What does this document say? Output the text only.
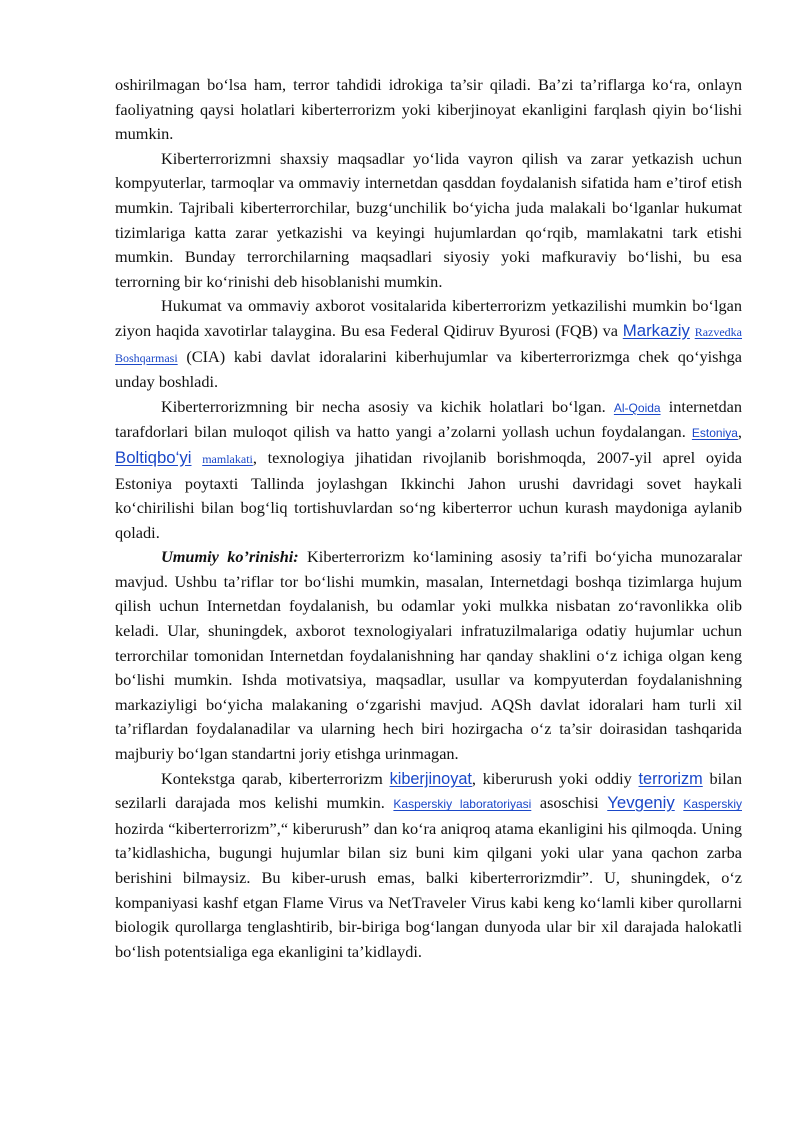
oshirilmagan bo‘lsa ham, terror tahdidi idrokiga ta’sir qiladi. Ba’zi ta’riflarga ko‘ra, onlayn faoliyatning qaysi holatlari kiberterrorizm yoki kiberjinoyat ekanligini farqlash qiyin bo‘lishi mumkin.

Kiberterrorizmni shaxsiy maqsadlar yo‘lida vayron qilish va zarar yetkazish uchun kompyuterlar, tarmoqlar va ommaviy internetdan qasddan foydalanish sifatida ham e’tirof etish mumkin. Tajribali kiberterrorchilar, buzg‘unchilik bo‘yicha juda malakali bo‘lganlar hukumat tizimlariga katta zarar yetkazishi va keyingi hujumlardan qo‘rqib, mamlakatni tark etishi mumkin. Bunday terrorchilarning maqsadlari siyosiy yoki mafkuraviy bo‘lishi, bu esa terrorning bir ko‘rinishi deb hisoblanishi mumkin.

Hukumat va ommaviy axborot vositalarida kiberterrorizm yetkazilishi mumkin bo‘lgan ziyon haqida xavotirlar talaygina. Bu esa Federal Qidiruv Byurosi (FQB) va Markaziy Razvedka Boshqarmasi (CIA) kabi davlat idoralarini kiberhujumlar va kiberterrorizmga chek qo‘yishga unday boshladi.

Kiberterrorizmning bir necha asosiy va kichik holatlari bo‘lgan. Al-Qoida internetdan tarafdorlari bilan muloqot qilish va hatto yangi a’zolarni yollash uchun foydalangan. Estoniya, Boltiqbo‘yi mamlakati, texnologiya jihatidan rivojlanib borishmoqda, 2007-yil aprel oyida Estoniya poytaxti Tallinda joylashgan Ikkinchi Jahon urushi davridagi sovet haykali ko‘chirilishi bilan bog‘liq tortishuvlardan so‘ng kiberterror uchun kurash maydoniga aylanib qoladi.

Umumiy ko’rinishi: Kiberterrorizm ko‘lamining asosiy ta’rifi bo‘yicha munozaralar mavjud. Ushbu ta’riflar tor bo‘lishi mumkin, masalan, Internetdagi boshqa tizimlarga hujum qilish uchun Internetdan foydalanish, bu odamlar yoki mulkka nisbatan zo‘ravonlikka olib keladi. Ular, shuningdek, axborot texnologiyalari infratuzilmalariga odatiy hujumlar uchun terrorchilar tomonidan Internetdan foydalanishning har qanday shaklini o‘z ichiga olgan keng bo‘lishi mumkin. Ishda motivatsiya, maqsadlar, usullar va kompyuterdan foydalanishning markaziyligi bo‘yicha malakaning o‘zgarishi mavjud. AQSh davlat idoralari ham turli xil ta’riflardan foydalanadilar va ularning hech biri hozirgacha o‘z ta’sir doirasidan tashqarida majburiy bo‘lgan standartni joriy etishga urinmagan.

Kontekstga qarab, kiberterrorizm kiberjinoyat, kiberurush yoki oddiy terrorizm bilan sezilarli darajada mos kelishi mumkin. Kasperskiy laboratoriyasi asoschisi Yevgeniy Kasperskiy hozirda “kiberterrorizm”,“ kiberurush” dan ko‘ra aniqroq atama ekanligini his qilmoqda. Uning ta’kidlashicha, bugungi hujumlar bilan siz buni kim qilgani yoki ular yana qachon zarba berishini bilmaysiz. Bu kiber-urush emas, balki kiberterrorizmdir”. U, shuningdek, o‘z kompaniyasi kashf etgan Flame Virus va NetTraveler Virus kabi keng ko‘lamli kiber qurollarni biologik qurollarga tenglashtirib, bir-biriga bog‘langan dunyoda ular bir xil darajada halokatli bo‘lish potentsialiga ega ekanligini ta’kidlaydi.
